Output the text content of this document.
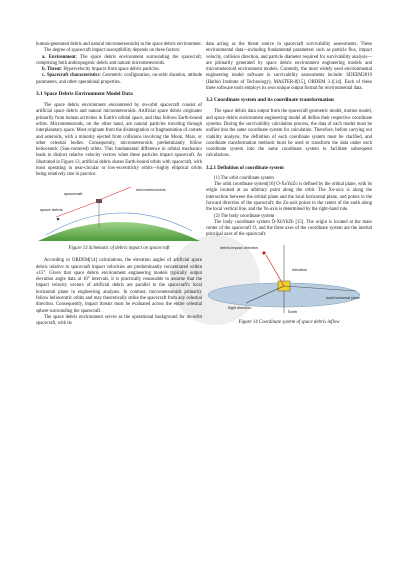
human-generated debris and natural micrometeoroids) in the space debris environment.

The degree of spacecraft impact susceptibility depends on three factors:

a. Environment: The space debris environment surrounding the spacecraft, comprising both anthropogenic debris and natural micrometeoroids.

b. Threat: Hypervelocity impacts from space debris particles.

c. Spacecraft characteristics: Geometric configuration, on-orbit duration, attitude parameters, and other operational properties.

3.1 Space Debris Environment Model Data

The space debris environment encountered by on-orbit spacecraft consist of artificial space debris and natural micrometeoroids. Artificial space debris originates primarily from human activities in Earth's orbital space, and thus follows Earth-bound orbits. Micrometeoroids, on the other hand, are natural particles traveling through interplanetary space. Most originate from the disintegration or fragmentation of comets and asteroids, with a minority ejected from collisions involving the Moon, Mars, or other celestial bodies. Consequently, micrometeoroids predominantly follow heliocentric (Sun-centered) orbits. This fundamental difference in orbital mechanics leads to distinct relative velocity vectors when these particles impact spacecraft. As illustrated in Figure 13, artificial debris shares Earth-bound orbits with spacecraft, with most operating in near-circular or low-eccentricity orbits—highly elliptical orbits being relatively rare in practice.

spacecraft
micrometeoroids
space debris

Figure 13 Schematic of debris impact on spacecraft

According to ORDEM[14] calculations, the elevation angles of artificial space debris relative to spacecraft impact velocities are predominantly concentrated within ±15°. Given that space debris environment engineering models typically output elevation angle data at 10° intervals, it is practically reasonable to assume that the impact velocity vectors of artificial debris are parallel to the spacecraft's local horizontal plane in engineering analyses. In contrast, micrometeoroids primarily follow heliocentric orbits and may theoretically strike the spacecraft from any celestial direction. Consequently, impact threats must be evaluated across the entire celestial sphere surrounding the spacecraft.

The space debris environment serves as the operational background for on-orbit spacecraft, with its

data acting as the threat source in spacecraft survivability assessments. These environmental data—including fundamental parameters such as particle flux, impact velocity, collision direction, and particle diameter required for survivability analysis—are primarily generated by space debris environment engineering models and micrometeoroid environment models. Currently, the most widely used environmental engineering model software in survivability assessments include: SDEEM2019 (Harbin Institute of Technology), MASTER-8[15], ORDEM 3.1[14]. Each of these three software tools employs its own unique output format for environmental data.

3.2 Coordinate system and its coordinate transformation

The space debris data output from the spacecraft geometric model, motion model, and space debris environment engineering model all define their respective coordinate systems. During the survivability calculation process, the data of each model must be unified into the same coordinate system for calculation. Therefore, before carrying out viability analysis, the definition of each coordinate system must be clarified, and coordinate transformation methods must be used to transform the data under each coordinate system into the same coordinate system to facilitate subsequent calculations.

3.2.1 Definition of coordinate system

(1) The orbit coordinate system

The orbit coordinate system[16] O-XoYoZo is defined by the orbital plane, with its origin located at an arbitrary point along the orbit. The Xo-axis is along the intersection between the orbital plane and the local horizontal plane, and points to the forward direction of the spacecraft; the Zo-axis points to the center of the earth along the local vertical line, and the Yo-axis is determined by the right-hand rule.

(2) The body coordinate system

The body coordinate system O-XbYbZb [15]. The origin is located at the mass center of the spacecraft O, and the three axes of the coordinate system are the inertial principal axes of the spacecraft.

debris impact direction
elevation
local horizontal plane
flight direction
Earth

Figure 14 Coordinate system of space debris inflow
